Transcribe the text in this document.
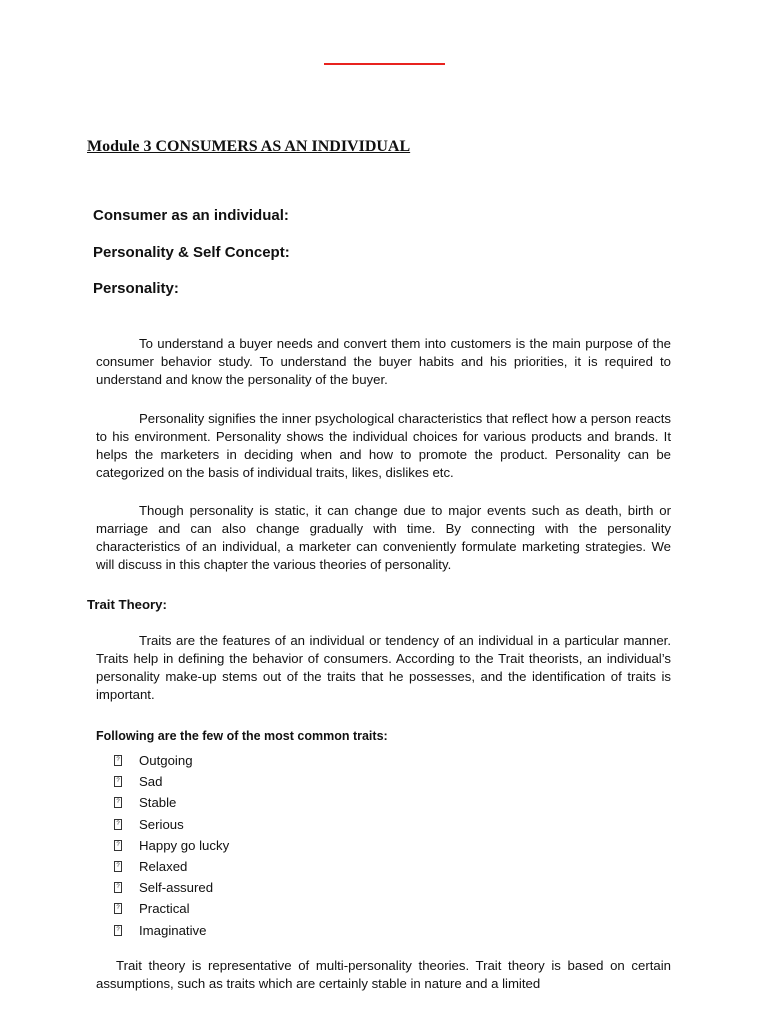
Module 3 CONSUMERS AS AN INDIVIDUAL
Consumer as an individual:
Personality & Self Concept:
Personality:

To understand a buyer needs and convert them into customers is the main purpose of the consumer behavior study. To understand the buyer habits and his priorities, it is required to understand and know the personality of the buyer.

Personality signifies the inner psychological characteristics that reflect how a person reacts to his environment. Personality shows the individual choices for various products and brands. It helps the marketers in deciding when and how to promote the product. Personality can be categorized on the basis of individual traits, likes, dislikes etc.

Though personality is static, it can change due to major events such as death, birth or marriage and can also change gradually with time. By connecting with the personality characteristics of an individual, a marketer can conveniently formulate marketing strategies. We will discuss in this chapter the various theories of personality.

Trait Theory:

Traits are the features of an individual or tendency of an individual in a particular manner. Traits help in defining the behavior of consumers. According to the Trait theorists, an individual’s personality make-up stems out of the traits that he possesses, and the identification of traits is important.

Following are the few of the most common traits:

? Outgoing
? Sad
? Stable
? Serious
? Happy go lucky
? Relaxed
? Self-assured
? Practical
? Imaginative

Trait theory is representative of multi-personality theories. Trait theory is based on certain assumptions, such as traits which are certainly stable in nature and a limited
